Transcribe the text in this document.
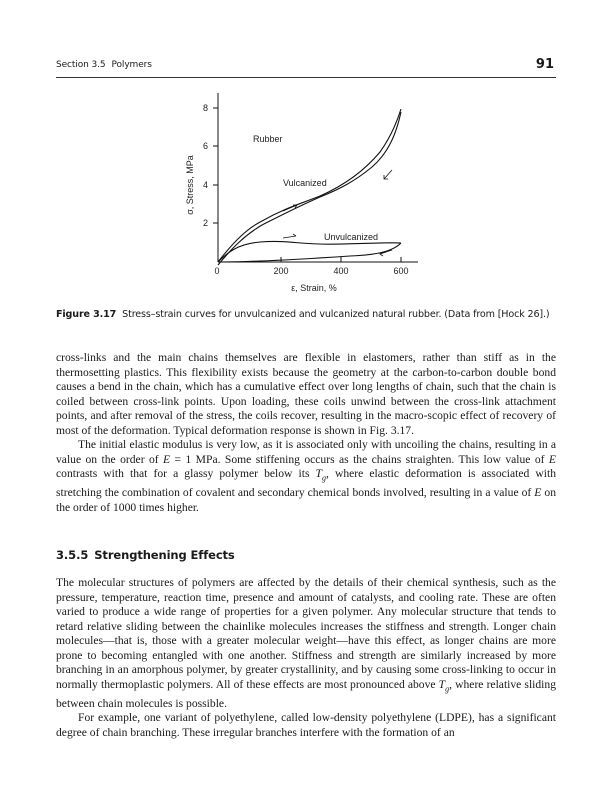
Section 3.5 Polymers	91
8
6
4
2
0	200	400	600
ε, Strain, %
σ, Stress, MPa
Rubber
Vulcanized
Unvulcanized
Figure 3.17 Stress–strain curves for unvulcanized and vulcanized natural rubber. (Data from [Hock 26].)

cross-links and the main chains themselves are flexible in elastomers, rather than stiff as in the thermosetting plastics. This flexibility exists because the geometry at the carbon-to-carbon double bond causes a bend in the chain, which has a cumulative effect over long lengths of chain, such that the chain is coiled between cross-link points. Upon loading, these coils unwind between the cross-link attachment points, and after removal of the stress, the coils recover, resulting in the macro-scopic effect of recovery of most of the deformation. Typical deformation response is shown in Fig. 3.17.

The initial elastic modulus is very low, as it is associated only with uncoiling the chains, resulting in a value on the order of E = 1 MPa. Some stiffening occurs as the chains straighten. This low value of E contrasts with that for a glassy polymer below its $T_g$, where elastic deformation is associated with stretching the combination of covalent and secondary chemical bonds involved, resulting in a value of E on the order of 1000 times higher.

3.5.5 Strengthening Effects

The molecular structures of polymers are affected by the details of their chemical synthesis, such as the pressure, temperature, reaction time, presence and amount of catalysts, and cooling rate. These are often varied to produce a wide range of properties for a given polymer. Any molecular structure that tends to retard relative sliding between the chainlike molecules increases the stiffness and strength. Longer chain molecules—that is, those with a greater molecular weight—have this effect, as longer chains are more prone to becoming entangled with one another. Stiffness and strength are similarly increased by more branching in an amorphous polymer, by greater crystallinity, and by causing some cross-linking to occur in normally thermoplastic polymers. All of these effects are most pronounced above $T_g$, where relative sliding between chain molecules is possible.

For example, one variant of polyethylene, called low-density polyethylene (LDPE), has a significant degree of chain branching. These irregular branches interfere with the formation of an
